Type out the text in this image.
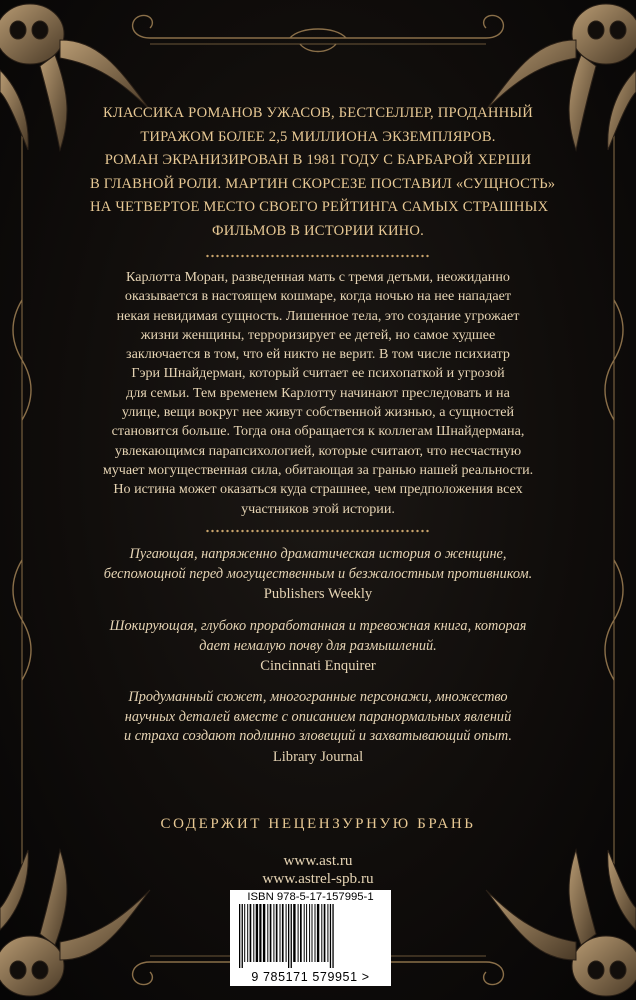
КЛАССИКА РОМАНОВ УЖАСОВ, БЕСТСЕЛЛЕР, ПРОДАННЫЙ
ТИРАЖОМ БОЛЕЕ 2,5 МИЛЛИОНА ЭКЗЕМПЛЯРОВ.
РОМАН ЭКРАНИЗИРОВАН В 1981 ГОДУ С БАРБАРОЙ ХЕРШИ
В ГЛАВНОЙ РОЛИ. МАРТИН СКОРСЕЗЕ ПОСТАВИЛ «СУЩНОСТЬ»
НА ЧЕТВЕРТОЕ МЕСТО СВОЕГО РЕЙТИНГА САМЫХ СТРАШНЫХ
ФИЛЬМОВ В ИСТОРИИ КИНО.
Карлотта Моран, разведенная мать с тремя детьми, неожиданно
оказывается в настоящем кошмаре, когда ночью на нее нападает
некая невидимая сущность. Лишенное тела, это создание угрожает
жизни женщины, терроризирует ее детей, но самое худшее
заключается в том, что ей никто не верит. В том числе психиатр
Гэри Шнайдерман, который считает ее психопаткой и угрозой
для семьи. Тем временем Карлотту начинают преследовать и на
улице, вещи вокруг нее живут собственной жизнью, а сущностей
становится больше. Тогда она обращается к коллегам Шнайдермана,
увлекающимся парапсихологией, которые считают, что несчастную
мучает могущественная сила, обитающая за гранью нашей реальности.
Но истина может оказаться куда страшнее, чем предположения всех
участников этой истории.
Пугающая, напряженно драматическая история о женщине,
беспомощной перед могущественным и безжалостным противником.
Publishers Weekly
Шокирующая, глубоко проработанная и тревожная книга, которая
дает немалую почву для размышлений.
Cincinnati Enquirer
Продуманный сюжет, многогранные персонажи, множество
научных деталей вместе с описанием паранормальных явлений
и страха создают подлинно зловещий и захватывающий опыт.
Library Journal
СОДЕРЖИТ НЕЦЕНЗУРНУЮ БРАНЬ
www.ast.ru
www.astrel-spb.ru
ISBN 978-5-17-157995-1
9 785171 579951 >
